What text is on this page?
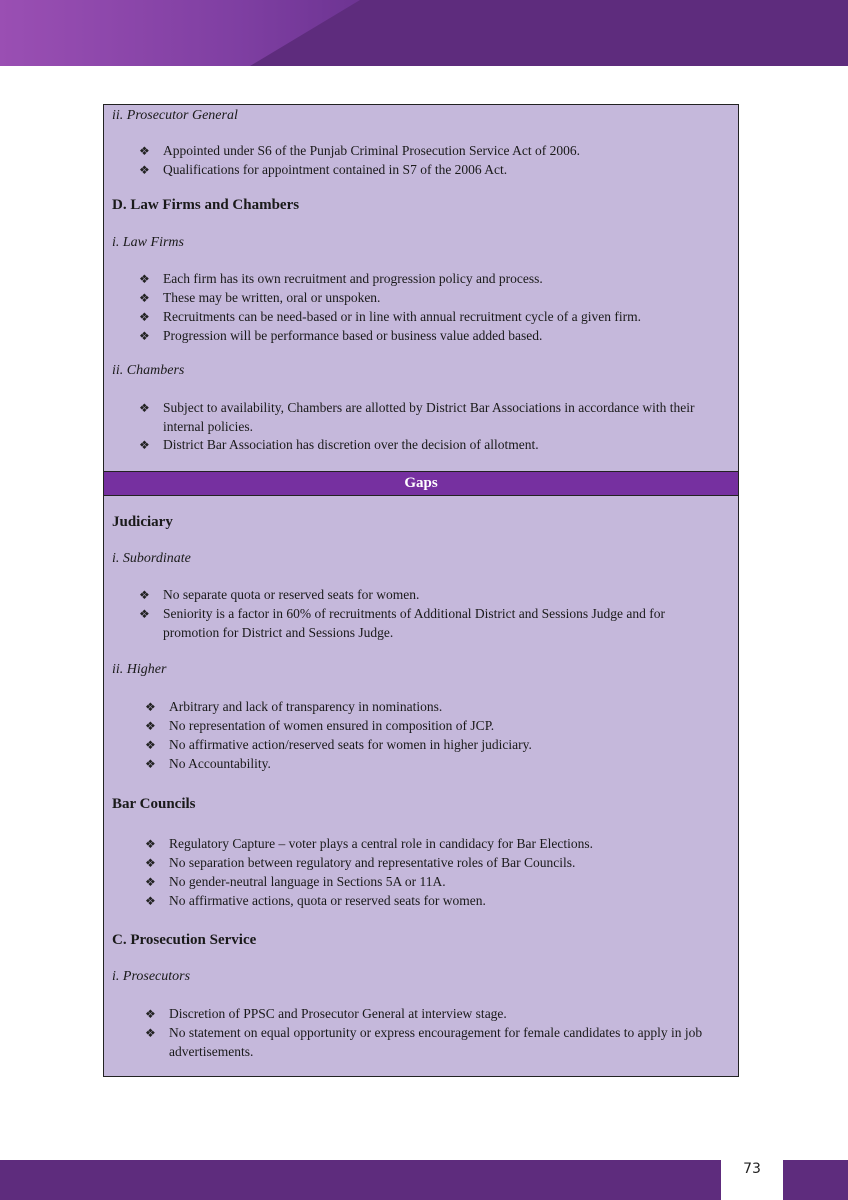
ii. Prosecutor General
❖ Appointed under S6 of the Punjab Criminal Prosecution Service Act of 2006.
❖ Qualifications for appointment contained in S7 of the 2006 Act.
D. Law Firms and Chambers
i. Law Firms
❖ Each firm has its own recruitment and progression policy and process.
❖ These may be written, oral or unspoken.
❖ Recruitments can be need-based or in line with annual recruitment cycle of a given firm.
❖ Progression will be performance based or business value added based.
ii. Chambers
❖ Subject to availability, Chambers are allotted by District Bar Associations in accordance with their internal policies.
❖ District Bar Association has discretion over the decision of allotment.
Gaps
Judiciary
i. Subordinate
❖ No separate quota or reserved seats for women.
❖ Seniority is a factor in 60% of recruitments of Additional District and Sessions Judge and for promotion for District and Sessions Judge.
ii. Higher
❖ Arbitrary and lack of transparency in nominations.
❖ No representation of women ensured in composition of JCP.
❖ No affirmative action/reserved seats for women in higher judiciary.
❖ No Accountability.
Bar Councils
❖ Regulatory Capture – voter plays a central role in candidacy for Bar Elections.
❖ No separation between regulatory and representative roles of Bar Councils.
❖ No gender-neutral language in Sections 5A or 11A.
❖ No affirmative actions, quota or reserved seats for women.
C. Prosecution Service
i. Prosecutors
❖ Discretion of PPSC and Prosecutor General at interview stage.
❖ No statement on equal opportunity or express encouragement for female candidates to apply in job advertisements.
73
